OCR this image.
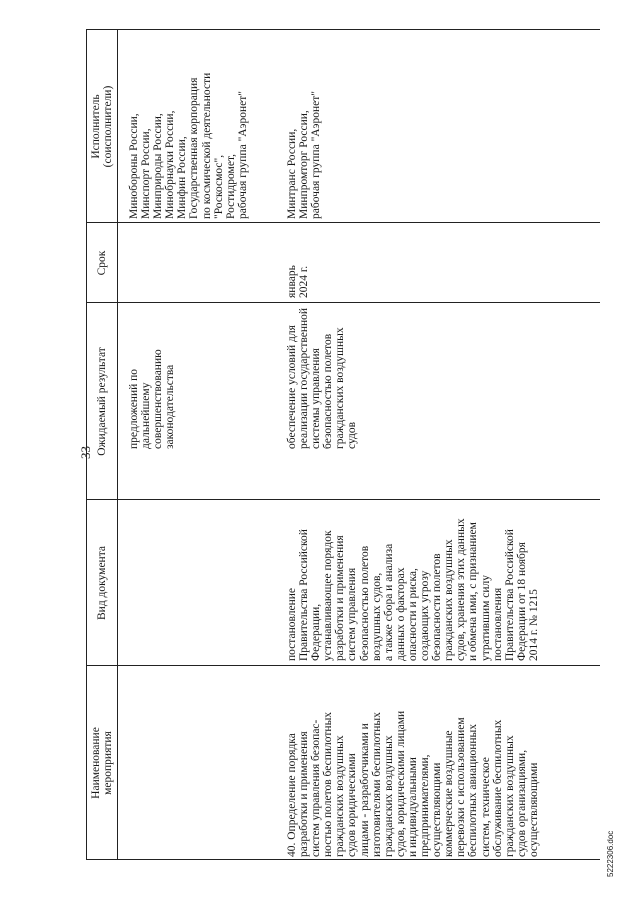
33
Наименование
мероприятия
Вид документа
Ожидаемый результат
Срок
Исполнитель
(соисполнители)
предложений по
дальнейшему
совершенствованию
законодательства
Минобороны России,
Минспорт России,
Минприроды России,
Минобрнауки России,
Минфин России,
Государственная корпорация
по космической деятельности
"Роскосмос",
Ростидромет,
рабочая группа "Аэронет"
40. Определение порядка
разработки и применения
систем управления безопас-
ностью полетов беспилотных
гражданских воздушных
судов юридическими
лицами - разработчиками и
изготовителями беспилотных
гражданских воздушных
судов, юридическими лицами
и индивидуальными
предпринимателями,
осуществляющими
коммерческие воздушные
перевозки с использованием
беспилотных авиационных
систем, техническое
обслуживание беспилотных
гражданских воздушных
судов организациями,
осуществляющими
постановление
Правительства Российской
Федерации,
устанавливающее порядок
разработки и применения
систем управления
безопасностью полетов
воздушных судов,
а также сбора и анализа
данных о факторах
опасности и риска,
создающих угрозу
безопасности полетов
гражданских воздушных
судов, хранения этих данных
и обмена ими, с признанием
утратившим силу
постановления
Правительства Российской
Федерации от 18 ноября
2014 г. № 1215
обеспечение условий для
реализации государственной
системы управления
безопасностью полетов
гражданских воздушных
судов
январь
2024 г.
Минтранс России,
Минпромторг России,
рабочая группа "Аэронет"
5222306.doc
